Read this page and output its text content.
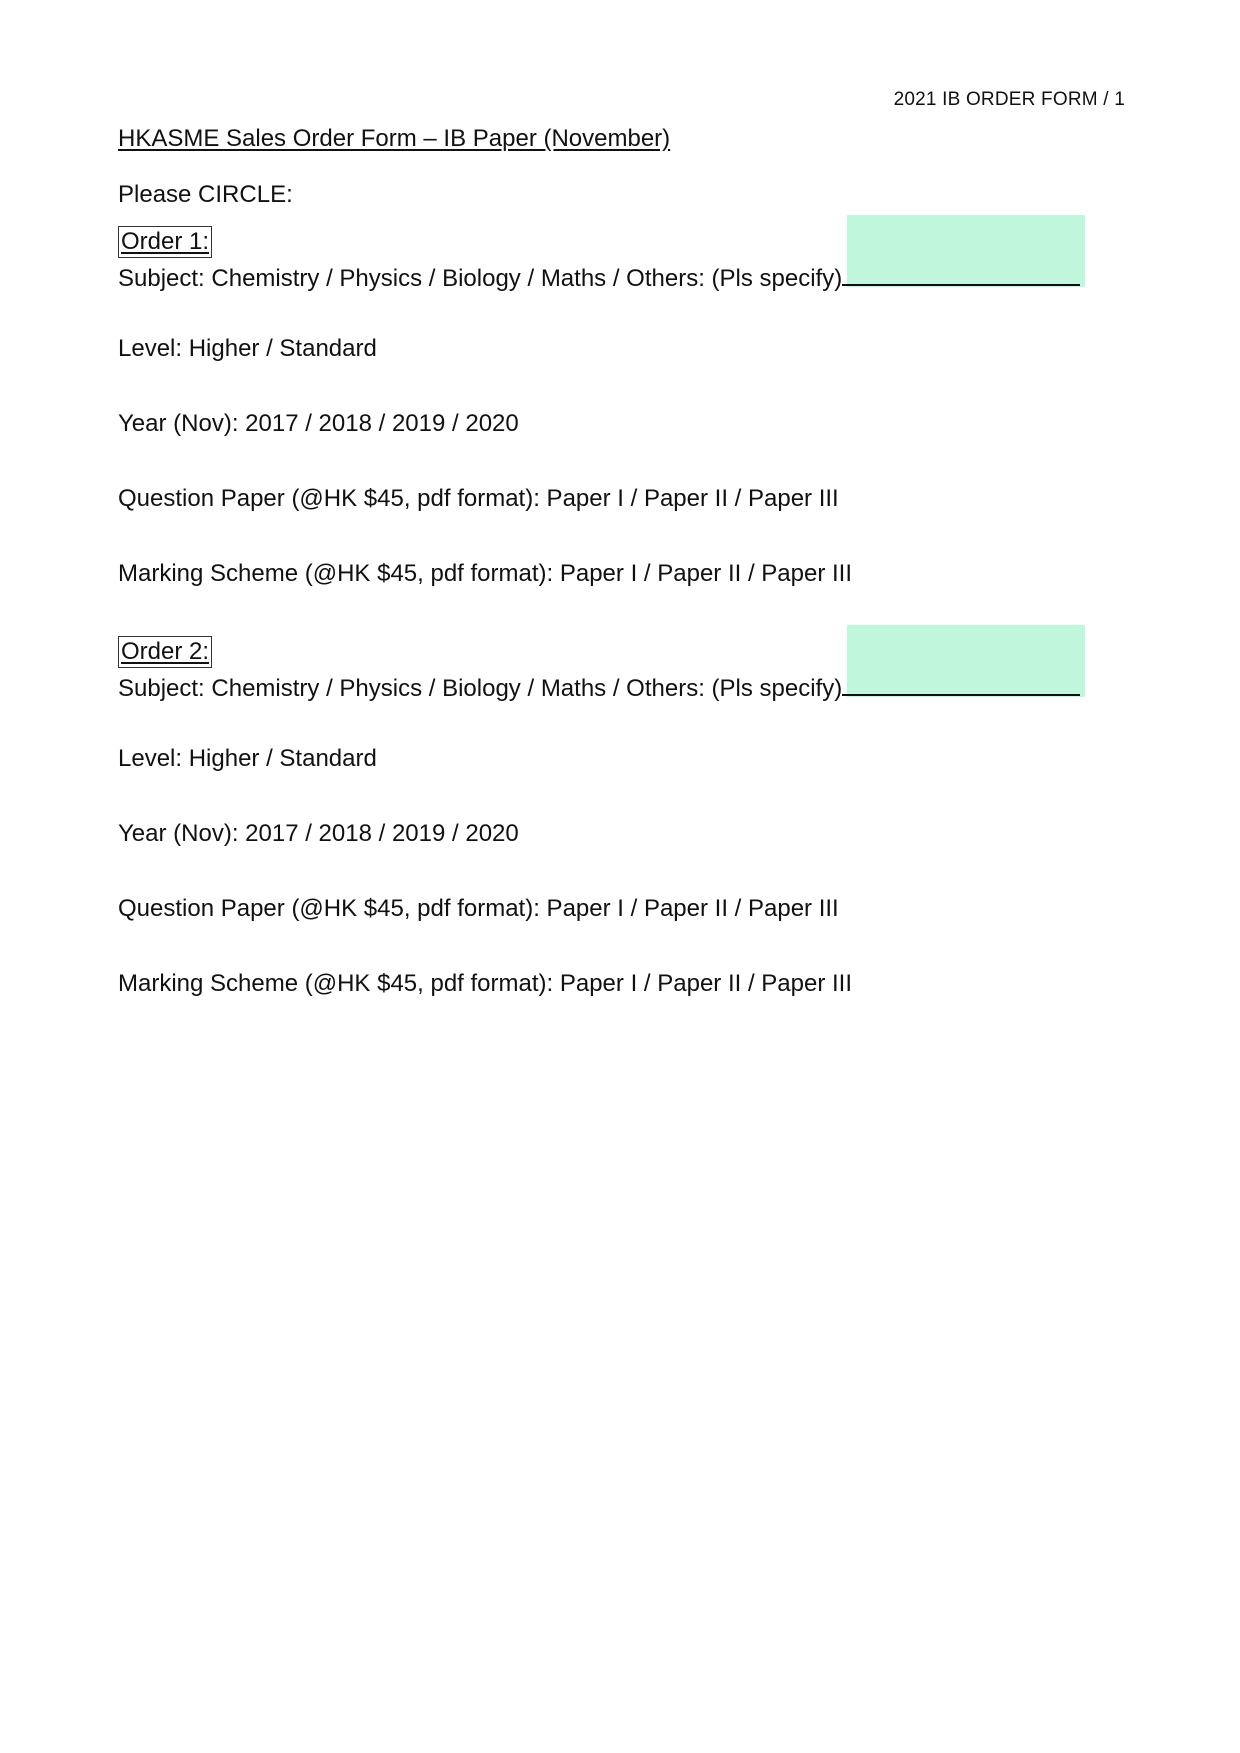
2021 IB ORDER FORM / 1
HKASME Sales Order Form – IB Paper (November)
Please CIRCLE:
Order 1:
Subject: Chemistry / Physics / Biology / Maths / Others: (Pls specify)
Level: Higher / Standard
Year (Nov): 2017 / 2018 / 2019 / 2020
Question Paper (@HK $45, pdf format): Paper I / Paper II / Paper III
Marking Scheme (@HK $45, pdf format): Paper I / Paper II / Paper III
Order 2:
Subject: Chemistry / Physics / Biology / Maths / Others: (Pls specify)
Level: Higher / Standard
Year (Nov): 2017 / 2018 / 2019 / 2020
Question Paper (@HK $45, pdf format): Paper I / Paper II / Paper III
Marking Scheme (@HK $45, pdf format): Paper I / Paper II / Paper III
